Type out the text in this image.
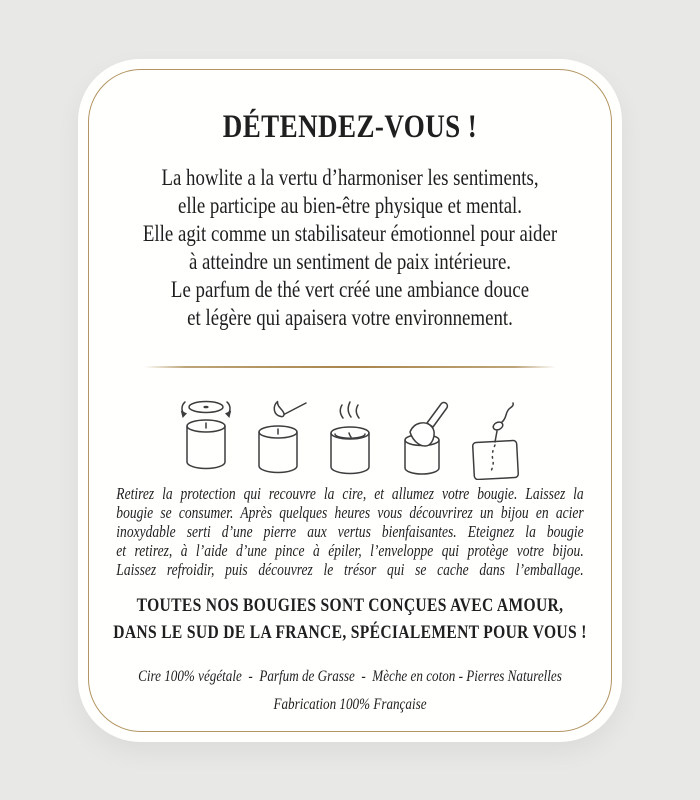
DÉTENDEZ-VOUS !
La howlite a la vertu d’harmoniser les sentiments,
elle participe au bien-être physique et mental.
Elle agit comme un stabilisateur émotionnel pour aider
à atteindre un sentiment de paix intérieure.
Le parfum de thé vert créé une ambiance douce
et légère qui apaisera votre environnement.
Retirez la protection qui recouvre la cire, et allumez votre bougie. Laissez la
bougie se consumer. Après quelques heures vous découvrirez un bijou en acier
inoxydable serti d’une pierre aux vertus bienfaisantes. Eteignez la bougie
et retirez, à l’aide d’une pince à épiler, l’enveloppe qui protège votre bijou.
Laissez refroidir, puis découvrez le trésor qui se cache dans l’emballage.
TOUTES NOS BOUGIES SONT CONÇUES AVEC AMOUR,
DANS LE SUD DE LA FRANCE, SPÉCIALEMENT POUR VOUS !
Cire 100% végétale  -  Parfum de Grasse  -  Mèche en coton - Pierres Naturelles
Fabrication 100% Française
